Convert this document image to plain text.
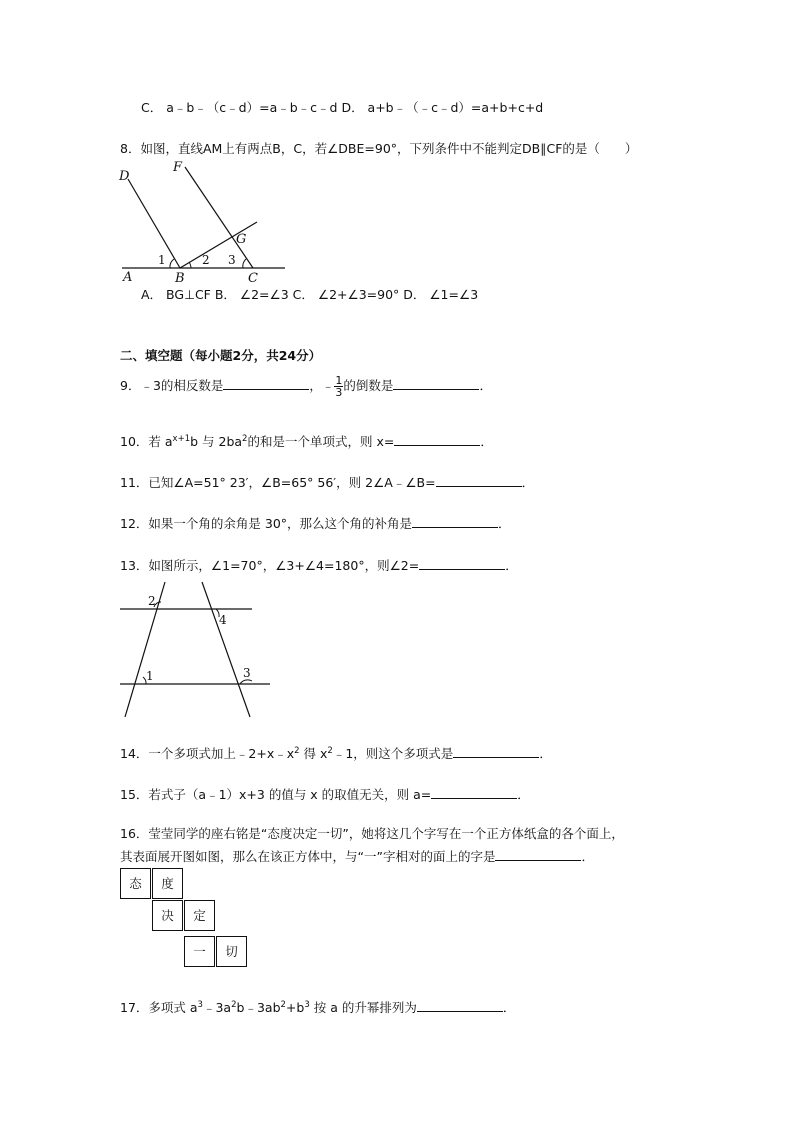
C． a﹣b﹣（c﹣d）=a﹣b﹣c﹣d D． a+b﹣（﹣c﹣d）=a+b+c+d
8．如图，直线AM上有两点B，C，若∠DBE=90°，下列条件中不能判定DB∥CF的是（　　）
D
F
G
A	B	C
1	2 3
A． BG⊥CF B． ∠2=∠3 C． ∠2+∠3=90° D． ∠1=∠3
二、填空题（每小题2分，共24分）
9．﹣3的相反数是	，﹣ $\frac{1}{3}$ 的倒数是	．
10．若 $a^{x+1}b$ 与 $2ba^2$的和是一个单项式，则 x=	．
11．已知∠A=51° 23′，∠B=65° 56′，则 2∠A﹣∠B=	．
12．如果一个角的余角是 30°，那么这个角的补角是	．
13．如图所示，∠1=70°，∠3+∠4=180°，则∠2=	．
1
2
3
4
14．一个多项式加上$﹣2+x﹣x^2$ 得 $x^2﹣1$，则这个多项式是	．
15．若式子（a﹣1）x+3 的值与 x 的取值无关，则 a=	．
16．莹莹同学的座右铭是“态度决定一切”，她将这几个字写在一个正方体纸盒的各个面上，
其表面展开图如图，那么在该正方体中，与“一”字相对的面上的字是	．
态	度
决	定
一	切
17．多项式 $a^3﹣3a^2b﹣3ab^2+b^3$ 按 a 的升幂排列为	．
